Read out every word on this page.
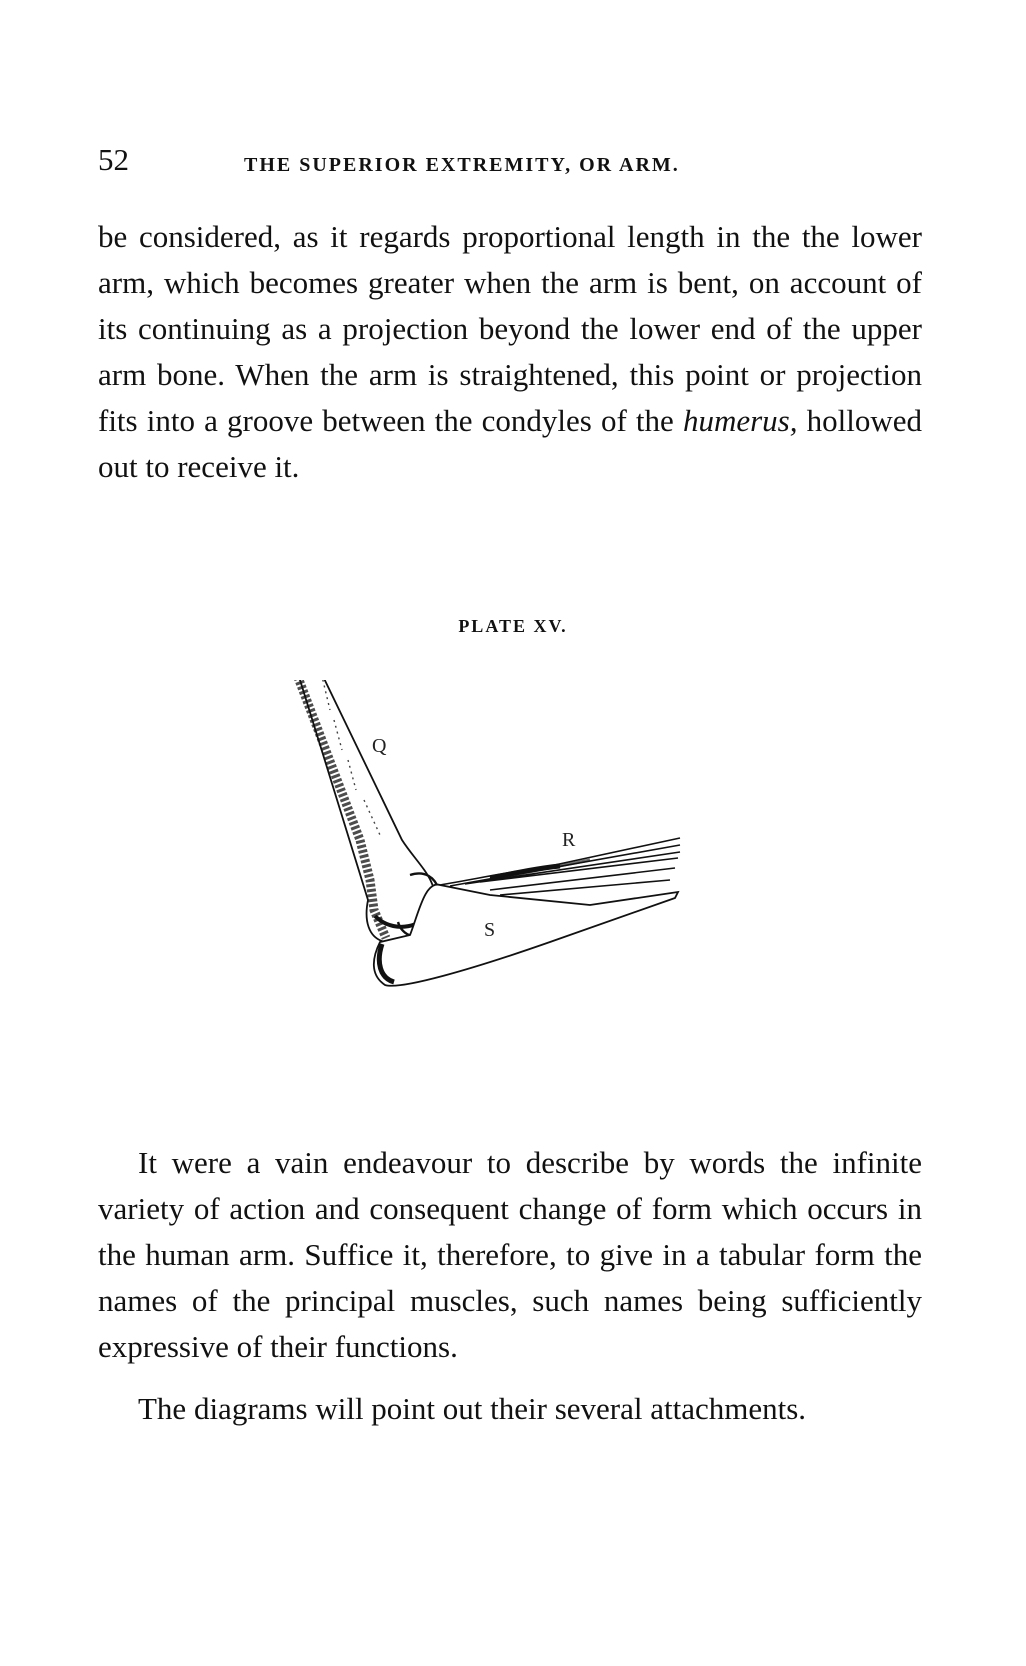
52	THE SUPERIOR EXTREMITY, OR ARM.

be considered, as it regards proportional length in the the lower arm, which becomes greater when the arm is bent, on account of its continuing as a projection beyond the lower end of the upper arm bone. When the arm is straightened, this point or projection fits into a groove between the condyles of the humerus, hollowed out to receive it.

PLATE XV.
Q
R
S

It were a vain endeavour to describe by words the infinite variety of action and consequent change of form which occurs in the human arm. Suffice it, therefore, to give in a tabular form the names of the principal muscles, such names being sufficiently expressive of their functions.

The diagrams will point out their several attachments.
